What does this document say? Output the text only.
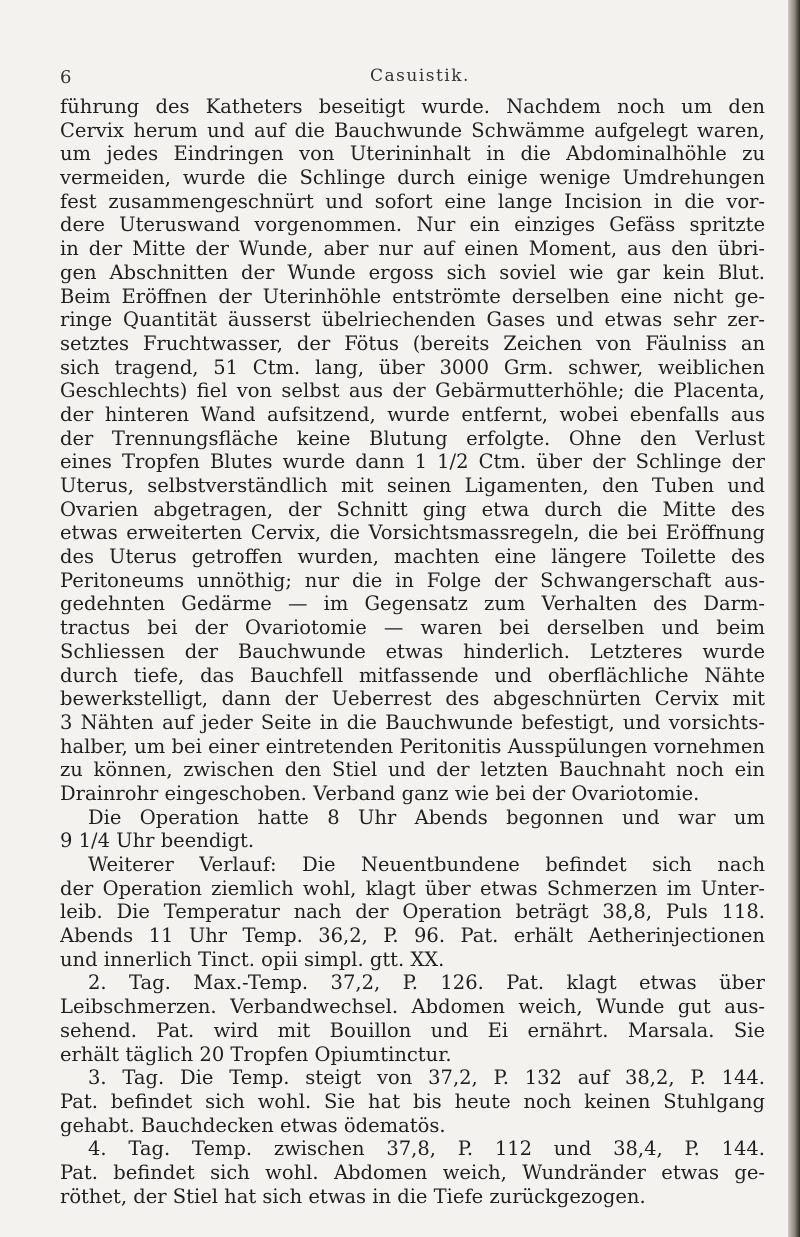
6	Casuistik.
führung des Katheters beseitigt wurde. Nachdem noch um den
Cervix herum und auf die Bauchwunde Schwämme aufgelegt waren,
um jedes Eindringen von Uterininhalt in die Abdominalhöhle zu
vermeiden, wurde die Schlinge durch einige wenige Umdrehungen
fest zusammengeschnürt und sofort eine lange Incision in die vor-
dere Uteruswand vorgenommen. Nur ein einziges Gefäss spritzte
in der Mitte der Wunde, aber nur auf einen Moment, aus den übri-
gen Abschnitten der Wunde ergoss sich soviel wie gar kein Blut.
Beim Eröffnen der Uterinhöhle entströmte derselben eine nicht ge-
ringe Quantität äusserst übelriechenden Gases und etwas sehr zer-
setztes Fruchtwasser, der Fötus (bereits Zeichen von Fäulniss an
sich tragend, 51 Ctm. lang, über 3000 Grm. schwer, weiblichen
Geschlechts) fiel von selbst aus der Gebärmutterhöhle; die Placenta,
der hinteren Wand aufsitzend, wurde entfernt, wobei ebenfalls aus
der Trennungsfläche keine Blutung erfolgte. Ohne den Verlust
eines Tropfen Blutes wurde dann 1 1/2 Ctm. über der Schlinge der
Uterus, selbstverständlich mit seinen Ligamenten, den Tuben und
Ovarien abgetragen, der Schnitt ging etwa durch die Mitte des
etwas erweiterten Cervix, die Vorsichtsmassregeln, die bei Eröffnung
des Uterus getroffen wurden, machten eine längere Toilette des
Peritoneums unnöthig; nur die in Folge der Schwangerschaft aus-
gedehnten Gedärme — im Gegensatz zum Verhalten des Darm-
tractus bei der Ovariotomie — waren bei derselben und beim
Schliessen der Bauchwunde etwas hinderlich. Letzteres wurde
durch tiefe, das Bauchfell mitfassende und oberflächliche Nähte
bewerkstelligt, dann der Ueberrest des abgeschnürten Cervix mit
3 Nähten auf jeder Seite in die Bauchwunde befestigt, und vorsichts-
halber, um bei einer eintretenden Peritonitis Ausspülungen vornehmen
zu können, zwischen den Stiel und der letzten Bauchnaht noch ein
Drainrohr eingeschoben. Verband ganz wie bei der Ovariotomie.
Die Operation hatte 8 Uhr Abends begonnen und war um
9 1/4 Uhr beendigt.
Weiterer Verlauf: Die Neuentbundene befindet sich nach
der Operation ziemlich wohl, klagt über etwas Schmerzen im Unter-
leib. Die Temperatur nach der Operation beträgt 38,8, Puls 118.
Abends 11 Uhr Temp. 36,2, P. 96. Pat. erhält Aetherinjectionen
und innerlich Tinct. opii simpl. gtt. XX.
2. Tag. Max.-Temp. 37,2, P. 126. Pat. klagt etwas über
Leibschmerzen. Verbandwechsel. Abdomen weich, Wunde gut aus-
sehend. Pat. wird mit Bouillon und Ei ernährt. Marsala. Sie
erhält täglich 20 Tropfen Opiumtinctur.
3. Tag. Die Temp. steigt von 37,2, P. 132 auf 38,2, P. 144.
Pat. befindet sich wohl. Sie hat bis heute noch keinen Stuhlgang
gehabt. Bauchdecken etwas ödematös.
4. Tag. Temp. zwischen 37,8, P. 112 und 38,4, P. 144.
Pat. befindet sich wohl. Abdomen weich, Wundränder etwas ge-
röthet, der Stiel hat sich etwas in die Tiefe zurückgezogen.
